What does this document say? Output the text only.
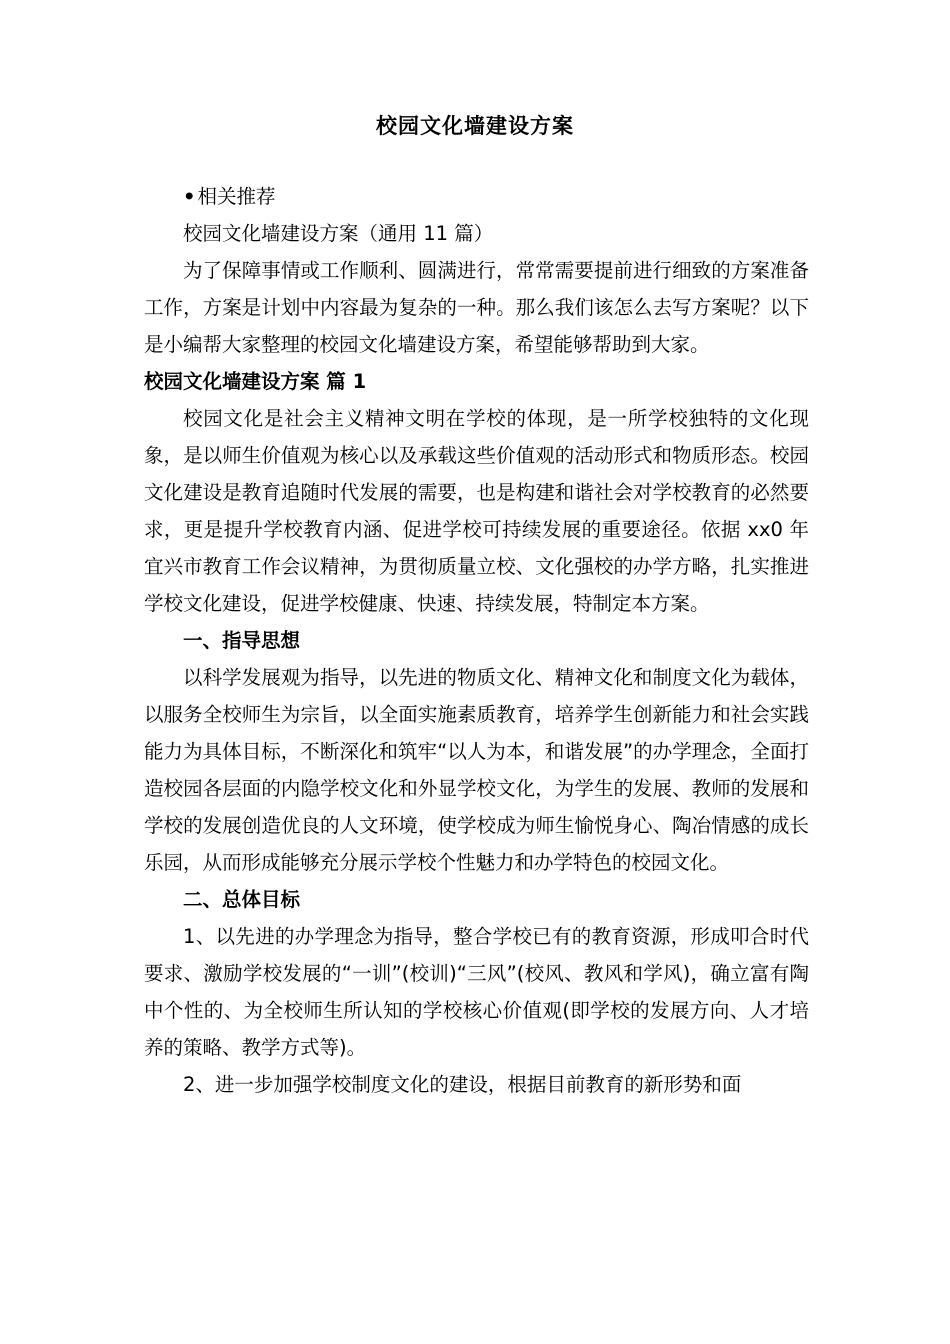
校园文化墙建设方案

• 相关推荐

校园文化墙建设方案（通用 11 篇）

为了保障事情或工作顺利、圆满进行，常常需要提前进行细致的方案准备工作，方案是计划中内容最为复杂的一种。那么我们该怎么去写方案呢？以下是小编帮大家整理的校园文化墙建设方案，希望能够帮助到大家。

校园文化墙建设方案 篇 1

校园文化是社会主义精神文明在学校的体现，是一所学校独特的文化现象，是以师生价值观为核心以及承载这些价值观的活动形式和物质形态。校园文化建设是教育追随时代发展的需要，也是构建和谐社会对学校教育的必然要求，更是提升学校教育内涵、促进学校可持续发展的重要途径。依据 xx0 年宜兴市教育工作会议精神，为贯彻质量立校、文化强校的办学方略，扎实推进学校文化建设，促进学校健康、快速、持续发展，特制定本方案。

一、指导思想

以科学发展观为指导，以先进的物质文化、精神文化和制度文化为载体，以服务全校师生为宗旨，以全面实施素质教育，培养学生创新能力和社会实践能力为具体目标，不断深化和筑牢“以人为本，和谐发展”的办学理念，全面打造校园各层面的内隐学校文化和外显学校文化，为学生的发展、教师的发展和学校的发展创造优良的人文环境，使学校成为师生愉悦身心、陶冶情感的成长乐园，从而形成能够充分展示学校个性魅力和办学特色的校园文化。

二、总体目标

1、以先进的办学理念为指导，整合学校已有的教育资源，形成叩合时代要求、激励学校发展的“一训”(校训)“三风”(校风、教风和学风)，确立富有陶中个性的、为全校师生所认知的学校核心价值观(即学校的发展方向、人才培养的策略、教学方式等)。

2、进一步加强学校制度文化的建设，根据目前教育的新形势和面
